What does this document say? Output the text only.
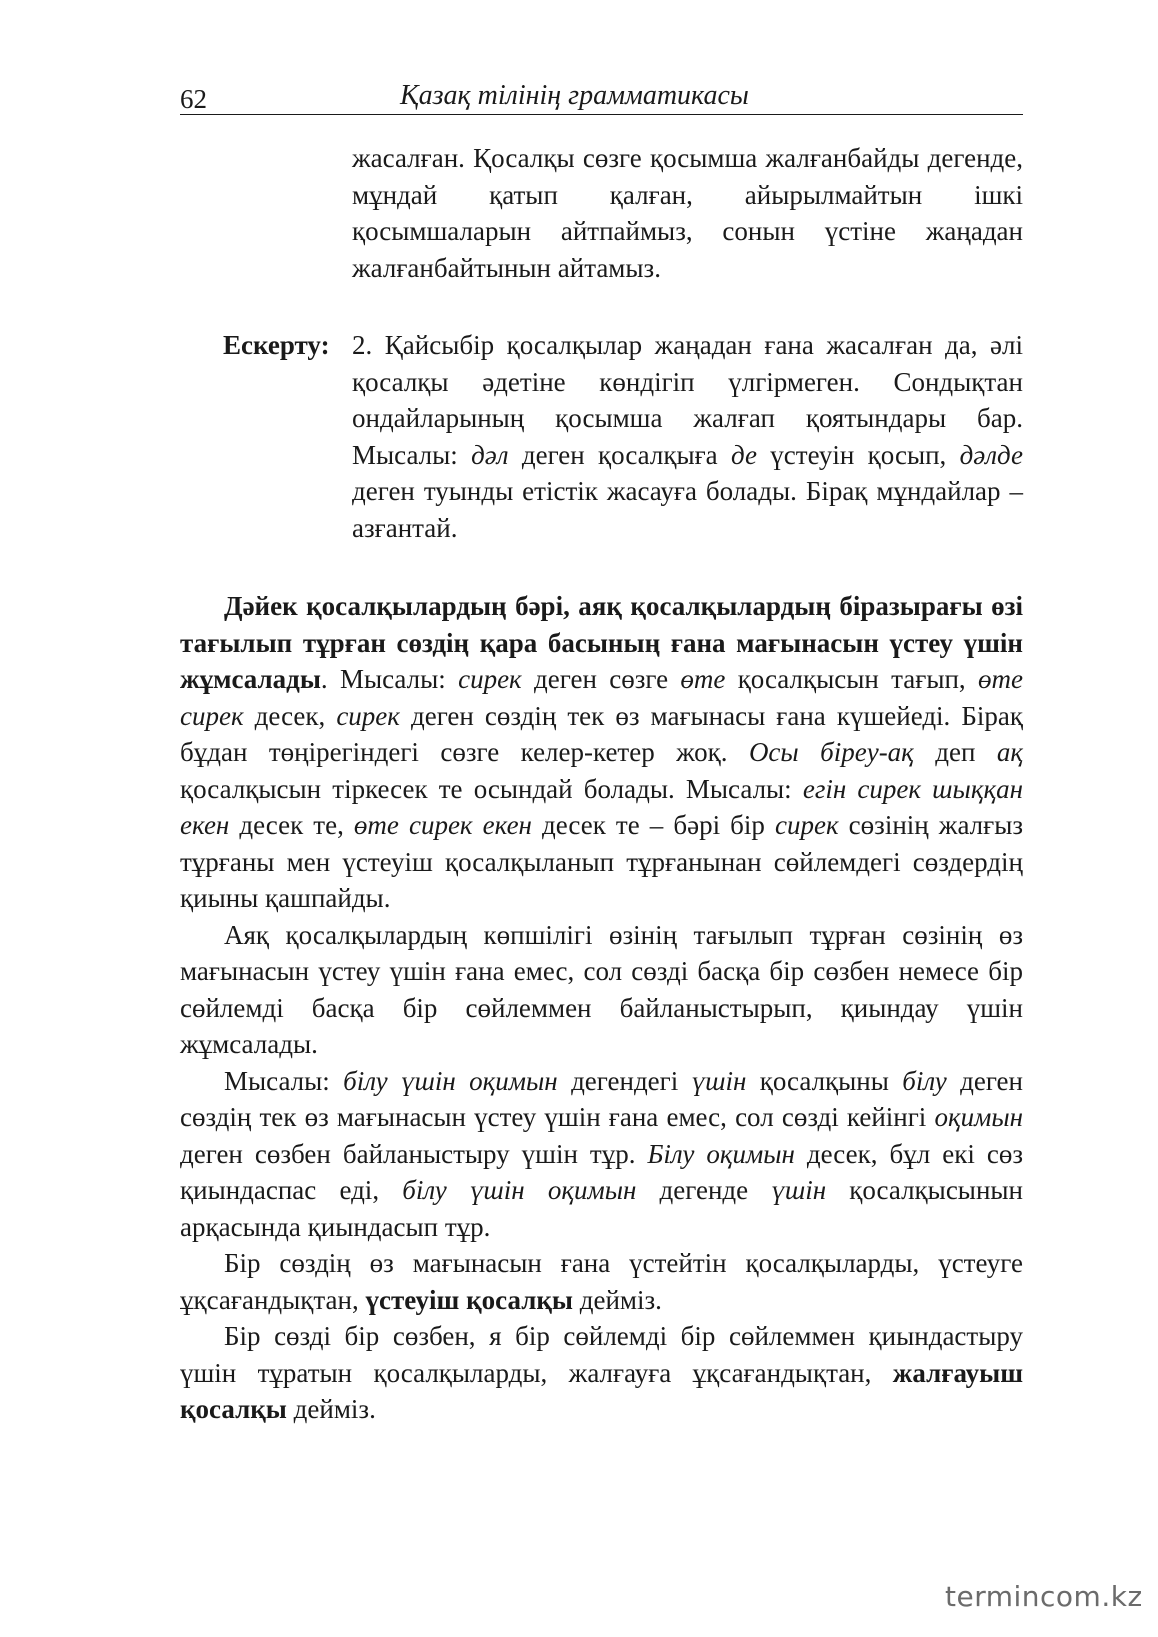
62	Қазақ тілінің грамматикасы

жасалған. Қосалқы сөзге қосымша жалғанбайды дегенде, мұндай қатып қалған, айырылмайтын ішкі қосымшаларын айтпаймыз, сонын үстіне жаңадан жалғанбайтынын айтамыз.

Ескерту: 2. Қайсыбір қосалқылар жаңадан ғана жасалған да, әлі қосалқы әдетіне көндігіп үлгірмеген. Сондықтан ондайларының қосымша жалғап қоятындары бар. Мысалы: дәл деген қосалқыға де үстеуін қосып, дәлде деген туынды етістік жасауға болады. Бірақ мұндайлар – азғантай.

Дәйек қосалқылардың бәрі, аяқ қосалқылардың біразырағы өзі тағылып тұрған сөздің қара басының ғана мағынасын үстеу үшін жұмсалады. Мысалы: сирек деген сөзге өте қосалқысын тағып, өте сирек десек, сирек деген сөздің тек өз мағынасы ғана күшейеді. Бірақ бұдан төңірегіндегі сөзге келер-кетер жоқ. Осы біреу-ақ деп ақ қосалқысын тіркесек те осындай болады. Мысалы: егін сирек шыққан екен десек те, өте сирек екен десек те – бәрі бір сирек сөзінің жалғыз тұрғаны мен үстеуіш қосалқыланып тұрғанынан сөйлемдегі сөздердің қиыны қашпайды.

Аяқ қосалқылардың көпшілігі өзінің тағылып тұрған сөзінің өз мағынасын үстеу үшін ғана емес, сол сөзді басқа бір сөзбен немесе бір сөйлемді басқа бір сөйлеммен байланыстырып, қиындау үшін жұмсалады.

Мысалы: білу үшін оқимын дегендегі үшін қосалқыны білу деген сөздің тек өз мағынасын үстеу үшін ғана емес, сол сөзді кейінгі оқимын деген сөзбен байланыстыру үшін тұр. Білу оқимын десек, бұл екі сөз қиындаспас еді, білу үшін оқимын дегенде үшін қосалқысынын арқасында қиындасып тұр.

Бір сөздің өз мағынасын ғана үстейтін қосалқыларды, үстеуге ұқсағандықтан, үстеуіш қосалқы дейміз.

Бір сөзді бір сөзбен, я бір сөйлемді бір сөйлеммен қиындастыру үшін тұратын қосалқыларды, жалғауға ұқсағандықтан, жалғауыш қосалқы дейміз.

termincom.kz
